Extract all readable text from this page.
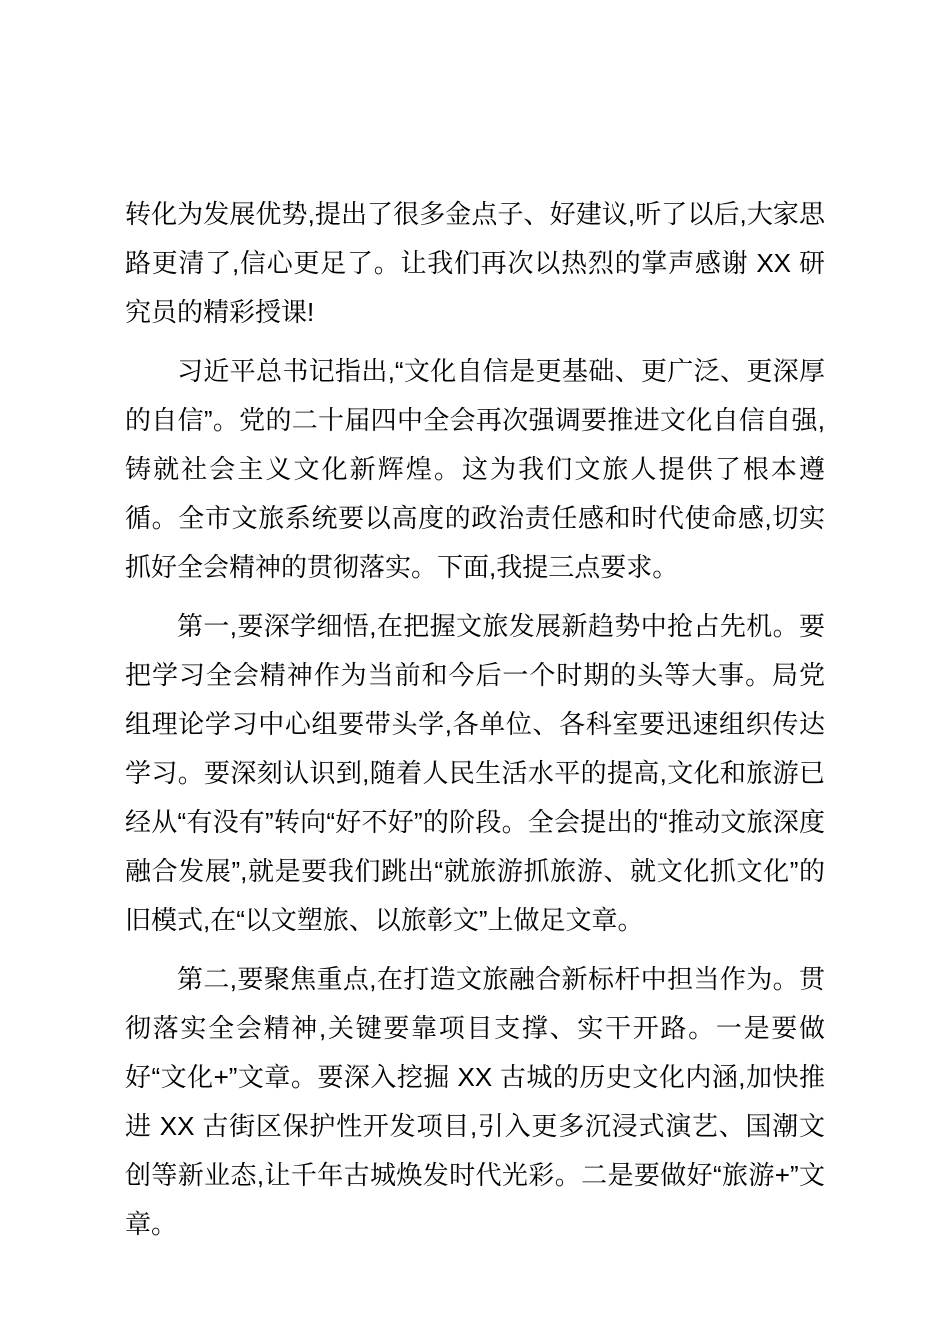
转化为发展优势,提出了很多金点子、好建议,听了以后,大家思路更清了,信心更足了。让我们再次以热烈的掌声感谢 XX 研究员的精彩授课!

习近平总书记指出,“文化自信是更基础、更广泛、更深厚的自信”。党的二十届四中全会再次强调要推进文化自信自强,铸就社会主义文化新辉煌。这为我们文旅人提供了根本遵循。全市文旅系统要以高度的政治责任感和时代使命感,切实抓好全会精神的贯彻落实。下面,我提三点要求。

第一,要深学细悟,在把握文旅发展新趋势中抢占先机。要把学习全会精神作为当前和今后一个时期的头等大事。局党组理论学习中心组要带头学,各单位、各科室要迅速组织传达学习。要深刻认识到,随着人民生活水平的提高,文化和旅游已经从“有没有”转向“好不好”的阶段。全会提出的“推动文旅深度融合发展”,就是要我们跳出“就旅游抓旅游、就文化抓文化”的旧模式,在“以文塑旅、以旅彰文”上做足文章。

第二,要聚焦重点,在打造文旅融合新标杆中担当作为。贯彻落实全会精神,关键要靠项目支撑、实干开路。一是要做好“文化+”文章。要深入挖掘 XX 古城的历史文化内涵,加快推进 XX 古街区保护性开发项目,引入更多沉浸式演艺、国潮文创等新业态,让千年古城焕发时代光彩。二是要做好“旅游+”文章。
